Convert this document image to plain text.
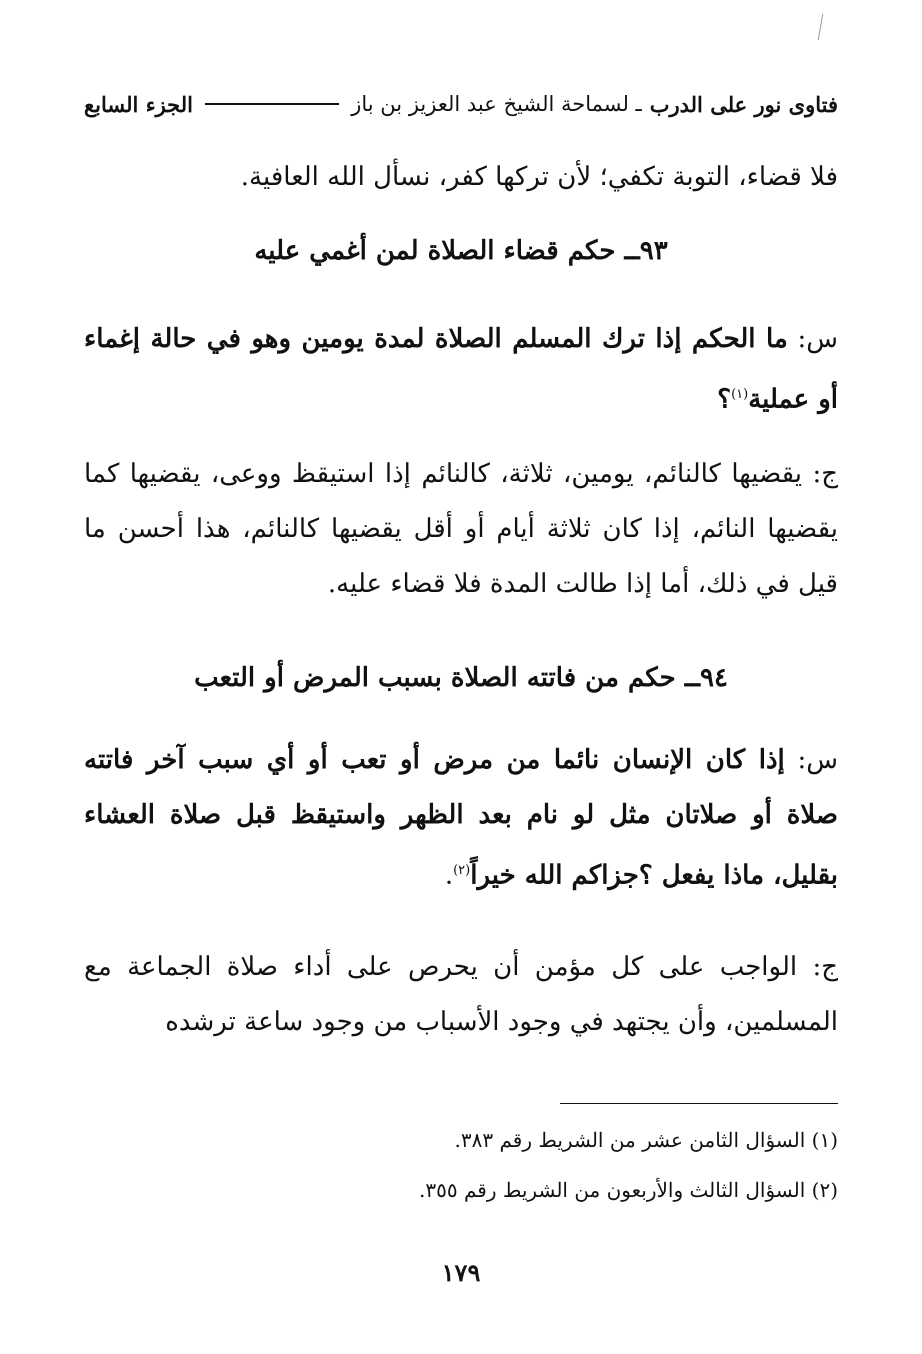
فتاوى نور على الدرب
ـ لسماحة الشيخ عبد العزيز بن باز
الجزء السابع
فلا قضاء، التوبة تكفي؛ لأن تركها كفر، نسأل الله العافية.
٩٣ــ حكم قضاء الصلاة لمن أغمي عليه
س: ما الحكم إذا ترك المسلم الصلاة لمدة يومين وهو في حالة إغماء أو عملية$^{(١)}$؟
ج: يقضيها كالنائم، يومين، ثلاثة، كالنائم إذا استيقظ ووعى، يقضيها كما يقضيها النائم، إذا كان ثلاثة أيام أو أقل يقضيها كالنائم، هذا أحسن ما قيل في ذلك، أما إذا طالت المدة فلا قضاء عليه.
٩٤ــ حكم من فاتته الصلاة بسبب المرض أو التعب
س: إذا كان الإنسان نائما من مرض أو تعب أو أي سبب آخر فاتته صلاة أو صلاتان مثل لو نام بعد الظهر واستيقظ قبل صلاة العشاء بقليل، ماذا يفعل ؟جزاكم الله خيراً$^{(٢)}$.
ج: الواجب على كل مؤمن أن يحرص على أداء صلاة الجماعة مع المسلمين، وأن يجتهد في وجود الأسباب من وجود ساعة ترشده
(١) السؤال الثامن عشر من الشريط رقم ٣٨٣.
(٢) السؤال الثالث والأربعون من الشريط رقم ٣٥٥.
١٧٩
